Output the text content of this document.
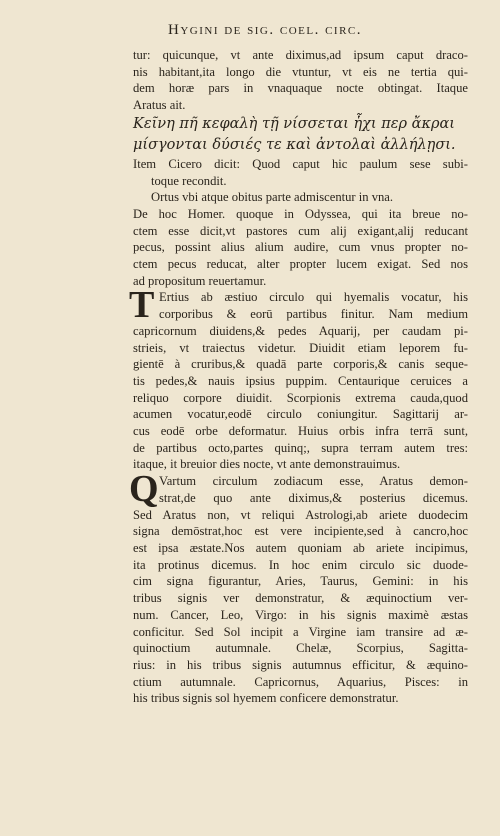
Hygini de sig. coel. circ.
tur: quicunque, vt ante diximus,ad ipsum caput draco-
nis habitant,ita longo die vtuntur, vt eis ne tertia qui-
dem horæ pars in vnaquaque nocte obtingat. Itaque
Aratus ait.
Κεῖνη πῆ κεφαλὴ τῇ νίσσεται ἧχι περ ἄκραι
μίσγονται δύσιές τε καὶ ἀντολαὶ ἀλλήλῃσι.
Item Cicero dicit: Quod caput hic paulum sese subi-
toque recondit.
Ortus vbi atque obitus parte admiscentur in vna.
De hoc Homer. quoque in Odyssea, qui ita breue no-
ctem esse dicit,vt pastores cum alij exigant,alij reducant
pecus, possint alius alium audire, cum vnus propter no-
ctem pecus reducat, alter propter lucem exigat. Sed nos
ad propositum reuertamur.
T Ertius ab æstiuo circulo qui hyemalis vocatur, his
corporibus & eorū partibus finitur. Nam medium
capricornum diuidens,& pedes Aquarij, per caudam pi-
strieis, vt traiectus videtur. Diuidit etiam leporem fu-
gientē à cruribus,& quadā parte corporis,& canis seque-
tis pedes,& nauis ipsius puppim. Centaurique ceruices a
reliquo corpore diuidit. Scorpionis extrema cauda,quod
acumen vocatur,eodē circulo coniungitur. Sagittarij ar-
cus eodē orbe deformatur. Huius orbis infra terrā sunt,
de partibus octo,partes quinq;, supra terram autem tres:
itaque, it breuior dies nocte, vt ante demonstrauimus.
Q Vartum circulum zodiacum esse, Aratus demon-
strat,de quo ante diximus,& posterius dicemus.
Sed Aratus non, vt reliqui Astrologi,ab ariete duodecim
signa demōstrat,hoc est vere incipiente,sed à cancro,hoc
est ipsa æstate.Nos autem quoniam ab ariete incipimus,
ita protinus dicemus. In hoc enim circulo sic duode-
cim signa figurantur, Aries, Taurus, Gemini: in his
tribus signis ver demonstratur, & æquinoctium ver-
num. Cancer, Leo, Virgo: in his signis maximè æstas
conficitur. Sed Sol incipit a Virgine iam transire ad æ-
quinoctium autumnale. Chelæ, Scorpius, Sagitta-
rius: in his tribus signis autumnus efficitur, & æquino-
ctium autumnale. Capricornus, Aquarius, Pisces: in
his tribus signis sol hyemem conficere demonstratur.
